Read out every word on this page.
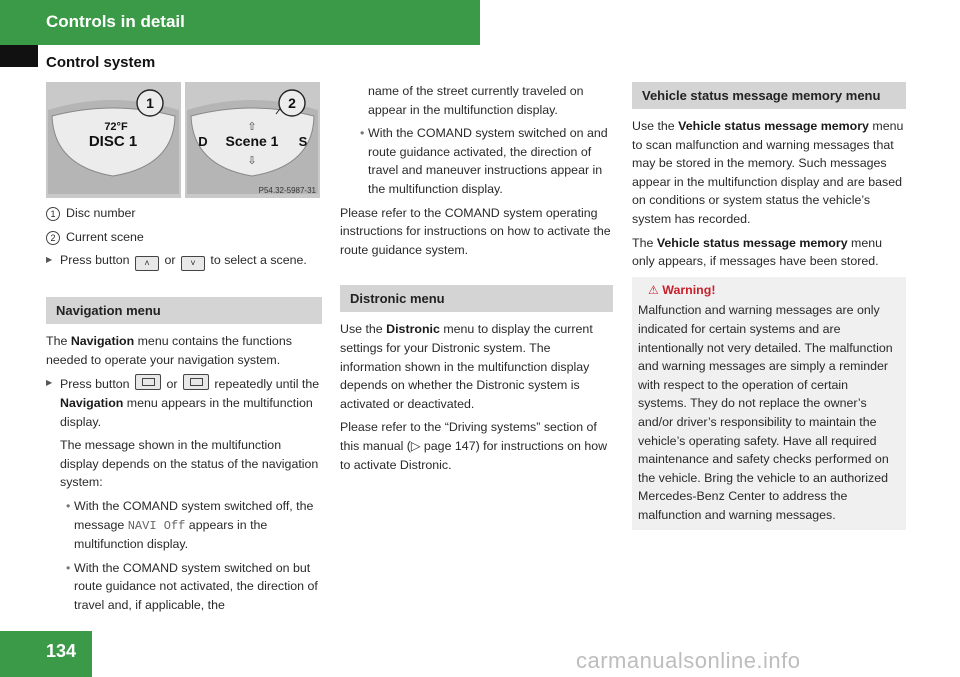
Controls in detail
Control system
1	2
72°F
DISC 1
⇧
D Scene 1 S
⇩
P54.32-5987-31

1 Disc number

2 Current scene

▶ Press button ˄ or ˅ to select a scene.

Navigation menu

The Navigation menu contains the functions needed to operate your navigation system.

▶ Press button	or	repeatedly until the Navigation menu appears in the multifunction display.

The message shown in the multifunction display depends on the status of the navigation system:

• With the COMAND system switched off, the message NAVI Off appears in the multifunction display.

• With the COMAND system switched on but route guidance not activated, the direction of travel and, if applicable, the

name of the street currently traveled on appear in the multifunction display.

• With the COMAND system switched on and route guidance activated, the direction of travel and maneuver instructions appear in the multifunction display.

Please refer to the COMAND system operating instructions for instructions on how to activate the route guidance system.

Distronic menu

Use the Distronic menu to display the current settings for your Distronic system. The information shown in the multifunction display depends on whether the Distronic system is activated or deactivated.

Please refer to the “Driving systems” section of this manual (▷ page 147) for instructions on how to activate Distronic.

Vehicle status message memory menu

Use the Vehicle status message memory menu to scan malfunction and warning messages that may be stored in the memory. Such messages appear in the multifunction display and are based on conditions or system status the vehicle’s system has recorded.

The Vehicle status message memory menu only appears, if messages have been stored.

⚠ Warning!

Malfunction and warning messages are only indicated for certain systems and are intentionally not very detailed. The malfunction and warning messages are simply a reminder with respect to the operation of certain systems. They do not replace the owner’s and/or driver’s responsibility to maintain the vehicle’s operating safety. Have all required maintenance and safety checks performed on the vehicle. Bring the vehicle to an authorized Mercedes-Benz Center to address the malfunction and warning messages.

134	carmanualsonline.info
